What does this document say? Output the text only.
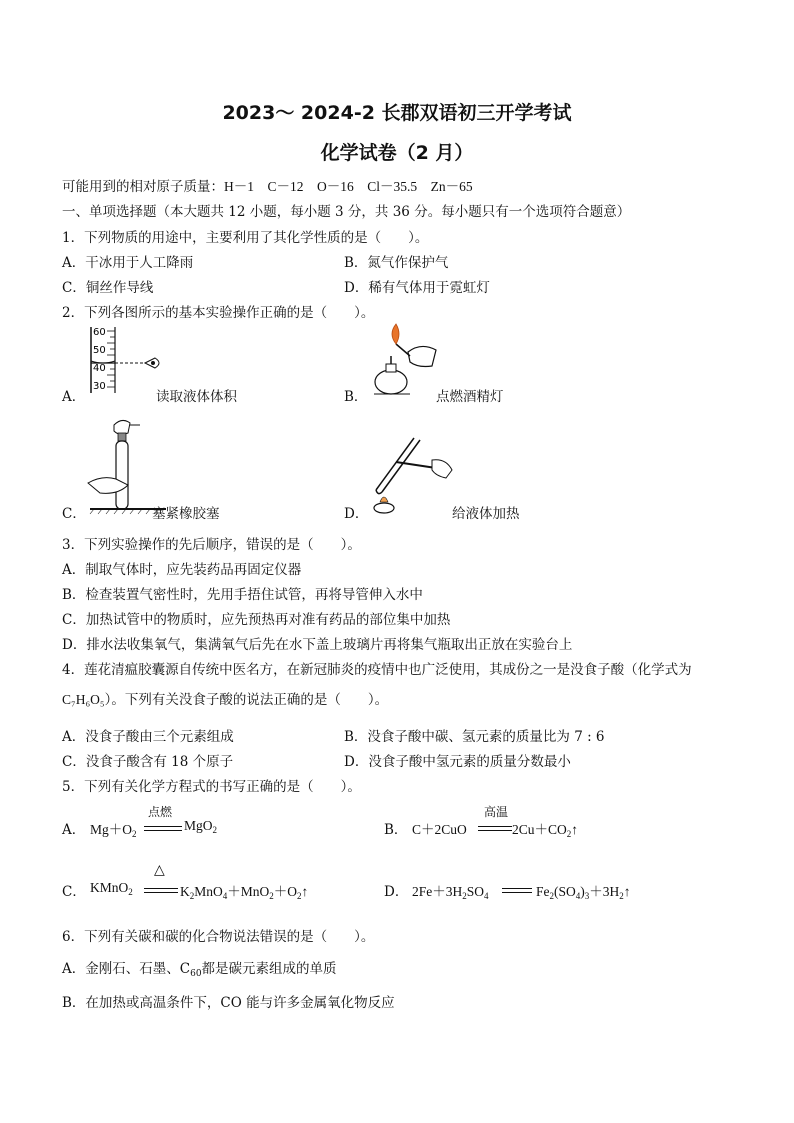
2023～ 2024-2 长郡双语初三开学考试
化学试卷（2 月）
可能用到的相对原子质量：H－1　C－12　O－16　Cl－35.5　Zn－65
一、单项选择题（本大题共 12 小题，每小题 3 分，共 36 分。每小题只有一个选项符合题意）
1．下列物质的用途中，主要利用了其化学性质的是（　　）。
A．干冰用于人工降雨	B．氮气作保护气
C．铜丝作导线	D．稀有气体用于霓虹灯
2．下列各图所示的基本实验操作正确的是（　　）。
60
50
40
30
A．	读取液体体积	B．	点燃酒精灯
C．	塞紧橡胶塞	D．	给液体加热
3．下列实验操作的先后顺序，错误的是（　　）。
A．制取气体时，应先装药品再固定仪器
B．检查装置气密性时，先用手捂住试管，再将导管伸入水中
C．加热试管中的物质时，应先预热再对准有药品的部位集中加热
D．排水法收集氧气，集满氧气后先在水下盖上玻璃片再将集气瓶取出正放在实验台上
4．莲花清瘟胶囊源自传统中医名方，在新冠肺炎的疫情中也广泛使用，其成份之一是没食子酸（化学式为
C₇H₆O₅）。下列有关没食子酸的说法正确的是（　　）。
A．没食子酸由三个元素组成	B．没食子酸中碳、氢元素的质量比为 7 : 6
C．没食子酸含有 18 个原子	D．没食子酸中氢元素的质量分数最小
5．下列有关化学方程式的书写正确的是（　　）。
A． $Mg+O_2$
点燃
MgO$_2$	B． C＋2CuO
高温
$2Cu+CO_2↑$
C． KMnO$_2$
△
$K_2MnO_4+MnO_2+O_2↑$	D． $2Fe+3H_2SO_4$	$Fe_2(SO_4)_3+3H_2↑$
6．下列有关碳和碳的化合物说法错误的是（　　）。
A．金刚石、石墨、$C_{60}$都是碳元素组成的单质
B．在加热或高温条件下，CO 能与许多金属氧化物反应
